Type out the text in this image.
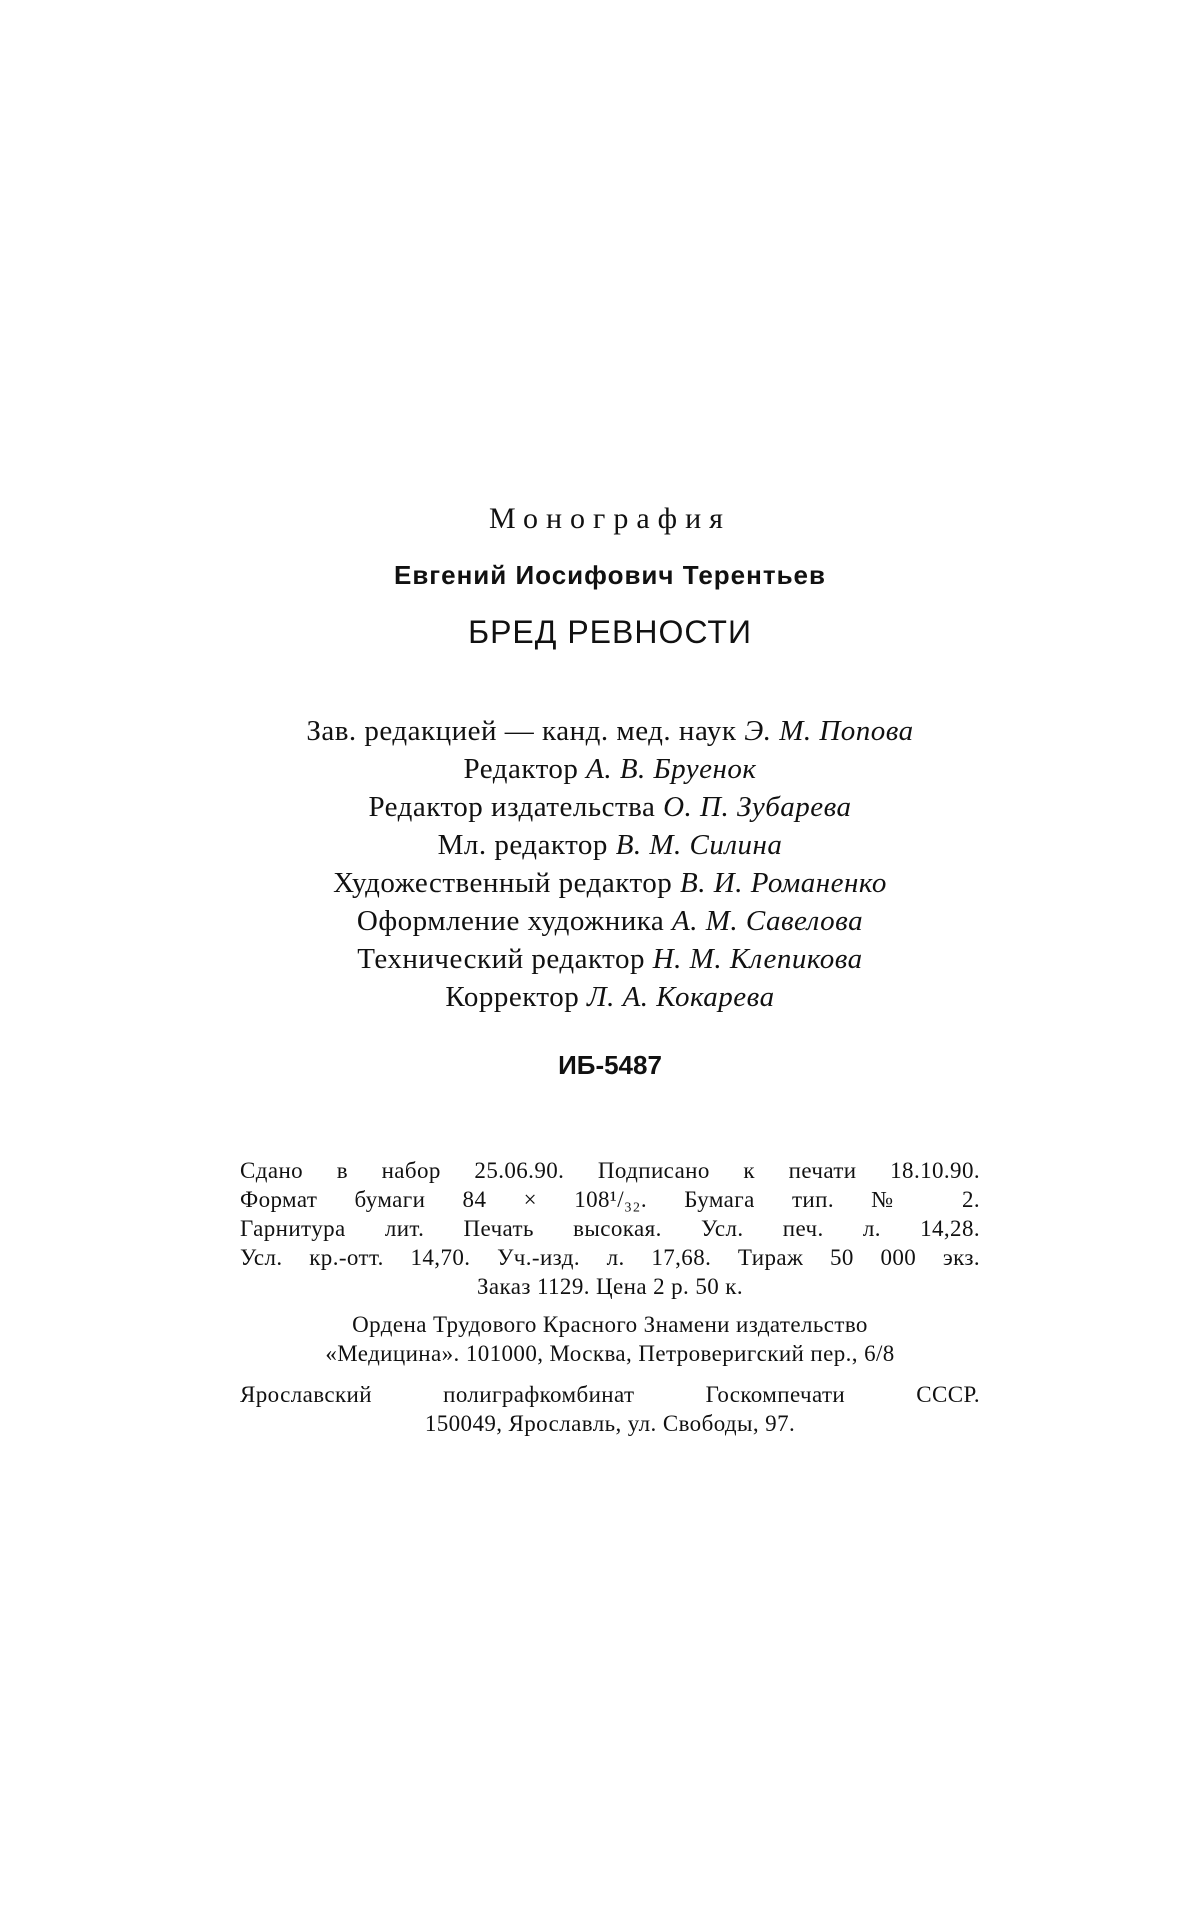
Монография
Евгений Иосифович Терентьев
БРЕД РЕВНОСТИ
Зав. редакцией — канд. мед. наук Э. М. Попова
Редактор А. В. Бруенок
Редактор издательства О. П. Зубарева
Мл. редактор В. М. Силина
Художественный редактор В. И. Романенко
Оформление художника А. М. Савелова
Технический редактор Н. М. Клепикова
Корректор Л. А. Кокарева
ИБ-5487
Сдано в набор 25.06.90. Подписано к печати 18.10.90.
Формат бумаги 84 × 108¹/₃₂. Бумага тип. № 2.
Гарнитура лит. Печать высокая. Усл. печ. л. 14,28.
Усл. кр.-отт. 14,70. Уч.-изд. л. 17,68. Тираж 50 000 экз.
Заказ 1129. Цена 2 р. 50 к.
Ордена Трудового Красного Знамени издательство
«Медицина». 101000, Москва, Петроверигский пер., 6/8
Ярославский полиграфкомбинат Госкомпечати СССР.
150049, Ярославль, ул. Свободы, 97.
